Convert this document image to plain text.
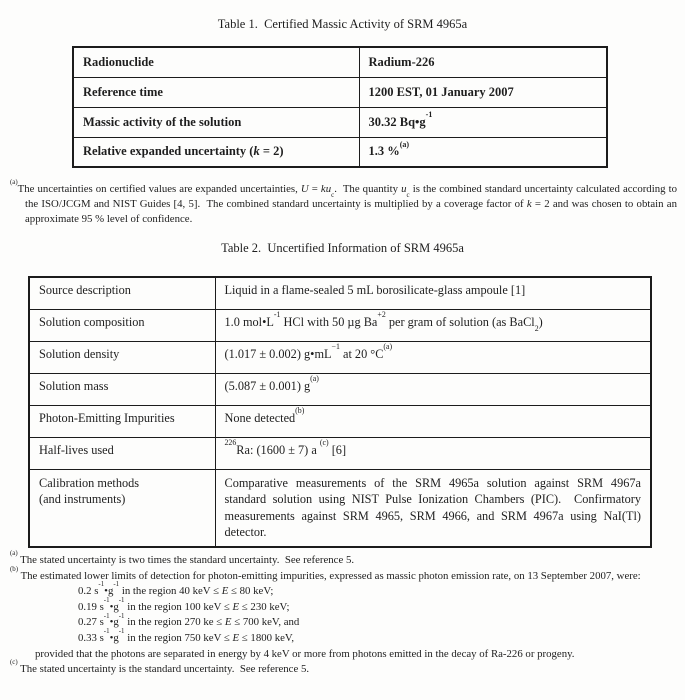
Table 1.  Certified Massic Activity of SRM 4965a
Radionuclide	Radium-226
Reference time	1200 EST, 01 January 2007
Massic activity of the solution	30.32 $Bq•g^{-1}$
Relative expanded uncertainty (k = 2)	1.3 %$^{(a)}$
$^{(a)}$The uncertainties on certified values are expanded uncertainties, $U = ku_c$.  The quantity $u_c$ is the combined standard uncertainty calculated according to the ISO/JCGM and NIST Guides [4, 5].  The combined standard uncertainty is multiplied by a coverage factor of k = 2 and was chosen to obtain an approximate 95 % level of confidence.
Table 2.  Uncertified Information of SRM 4965a
Source description	Liquid in a flame-sealed 5 mL borosilicate-glass ampoule [1]
Solution composition	1.0 $mol•L^{-1}$ HCl with 50 µg $Ba^{+2}$ per gram of solution (as BaCl$_2$)
Solution density	(1.017 ± 0.002) $g•mL^{-1}$ at 20 $^\circ C^{(a)}$
Solution mass	(5.087 ± 0.001) $g^{(a)}$
Photon-Emitting Impurities	None detected$^{(b)}$
Half-lives used	$^{226}$Ra: (1600 ± 7) a $^{(c)}$ [6]
Calibration methods
(and instruments)	Comparative measurements of the SRM 4965a solution against SRM 4967a standard solution using NIST Pulse Ionization Chambers (PIC).  Confirmatory measurements against SRM 4965, SRM 4966, and SRM 4967a using NaI(Tl) detector.
$^{(a)}$ The stated uncertainty is two times the standard uncertainty.  See reference 5.
$^{(b)}$ The estimated lower limits of detection for photon-emitting impurities, expressed as massic photon emission rate, on 13 September 2007, were:
0.2 $s^{-1}•g^{-1}$ in the region 40 keV ≤ E ≤ 80 keV;
0.19 $s^{-1}•g^{-1}$ in the region 100 keV ≤ E ≤ 230 keV;
0.27 $s^{-1}•g^{-1}$ in the region 270 ke ≤ E ≤ 700 keV, and
0.33 $s^{-1}•g^{-1}$ in the region 750 keV ≤ E ≤ 1800 keV,
provided that the photons are separated in energy by 4 keV or more from photons emitted in the decay of Ra-226 or progeny.
$^{(c)}$ The stated uncertainty is the standard uncertainty.  See reference 5.
